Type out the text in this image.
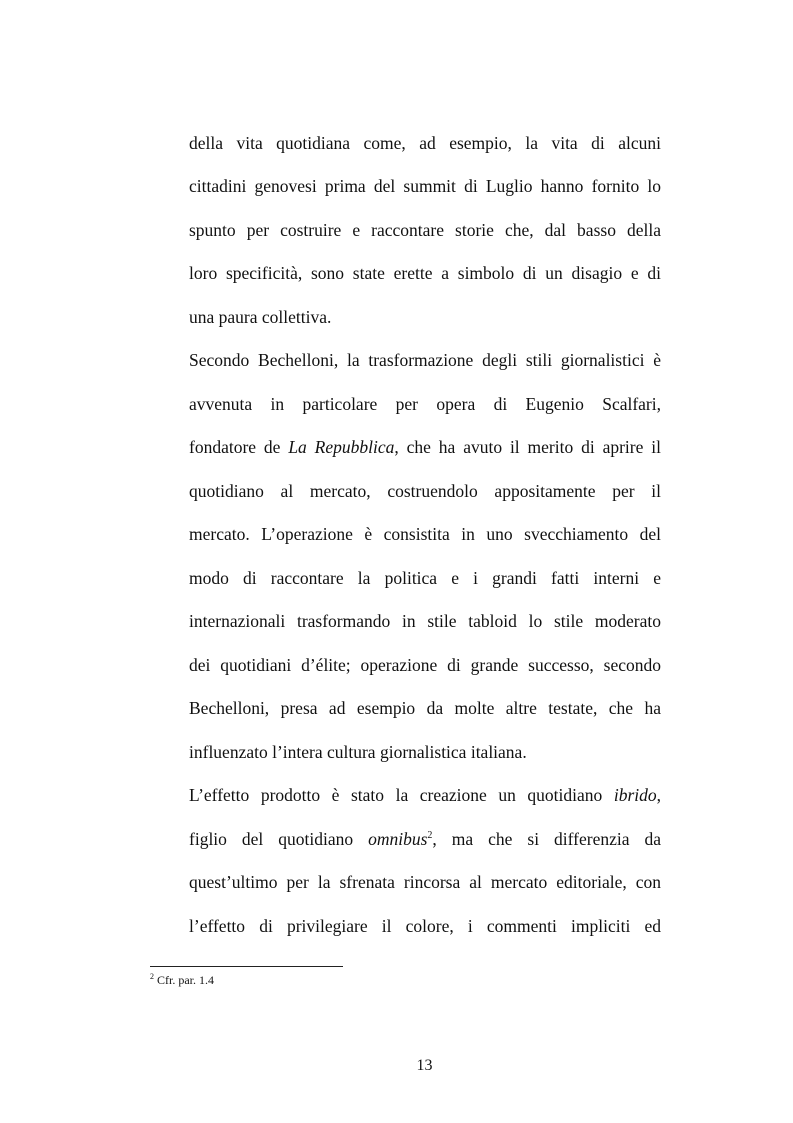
della vita quotidiana come, ad esempio, la vita di alcuni
cittadini genovesi prima del summit di Luglio hanno fornito lo
spunto per costruire e raccontare storie che, dal basso della
loro specificità, sono state erette a simbolo di un disagio e di
una paura collettiva.
Secondo Bechelloni, la trasformazione degli stili giornalistici è
avvenuta in particolare per opera di Eugenio Scalfari,
fondatore de La Repubblica, che ha avuto il merito di aprire il
quotidiano al mercato, costruendolo appositamente per il
mercato. L’operazione è consistita in uno svecchiamento del
modo di raccontare la politica e i grandi fatti interni e
internazionali trasformando in stile tabloid lo stile moderato
dei quotidiani d’élite; operazione di grande successo, secondo
Bechelloni, presa ad esempio da molte altre testate, che ha
influenzato l’intera cultura giornalistica italiana.
L’effetto prodotto è stato la creazione un quotidiano ibrido,
figlio del quotidiano omnibus$^2$, ma che si differenzia da
quest’ultimo per la sfrenata rincorsa al mercato editoriale, con
l’effetto di privilegiare il colore, i commenti impliciti ed
$^2$ Cfr. par. 1.4
13
